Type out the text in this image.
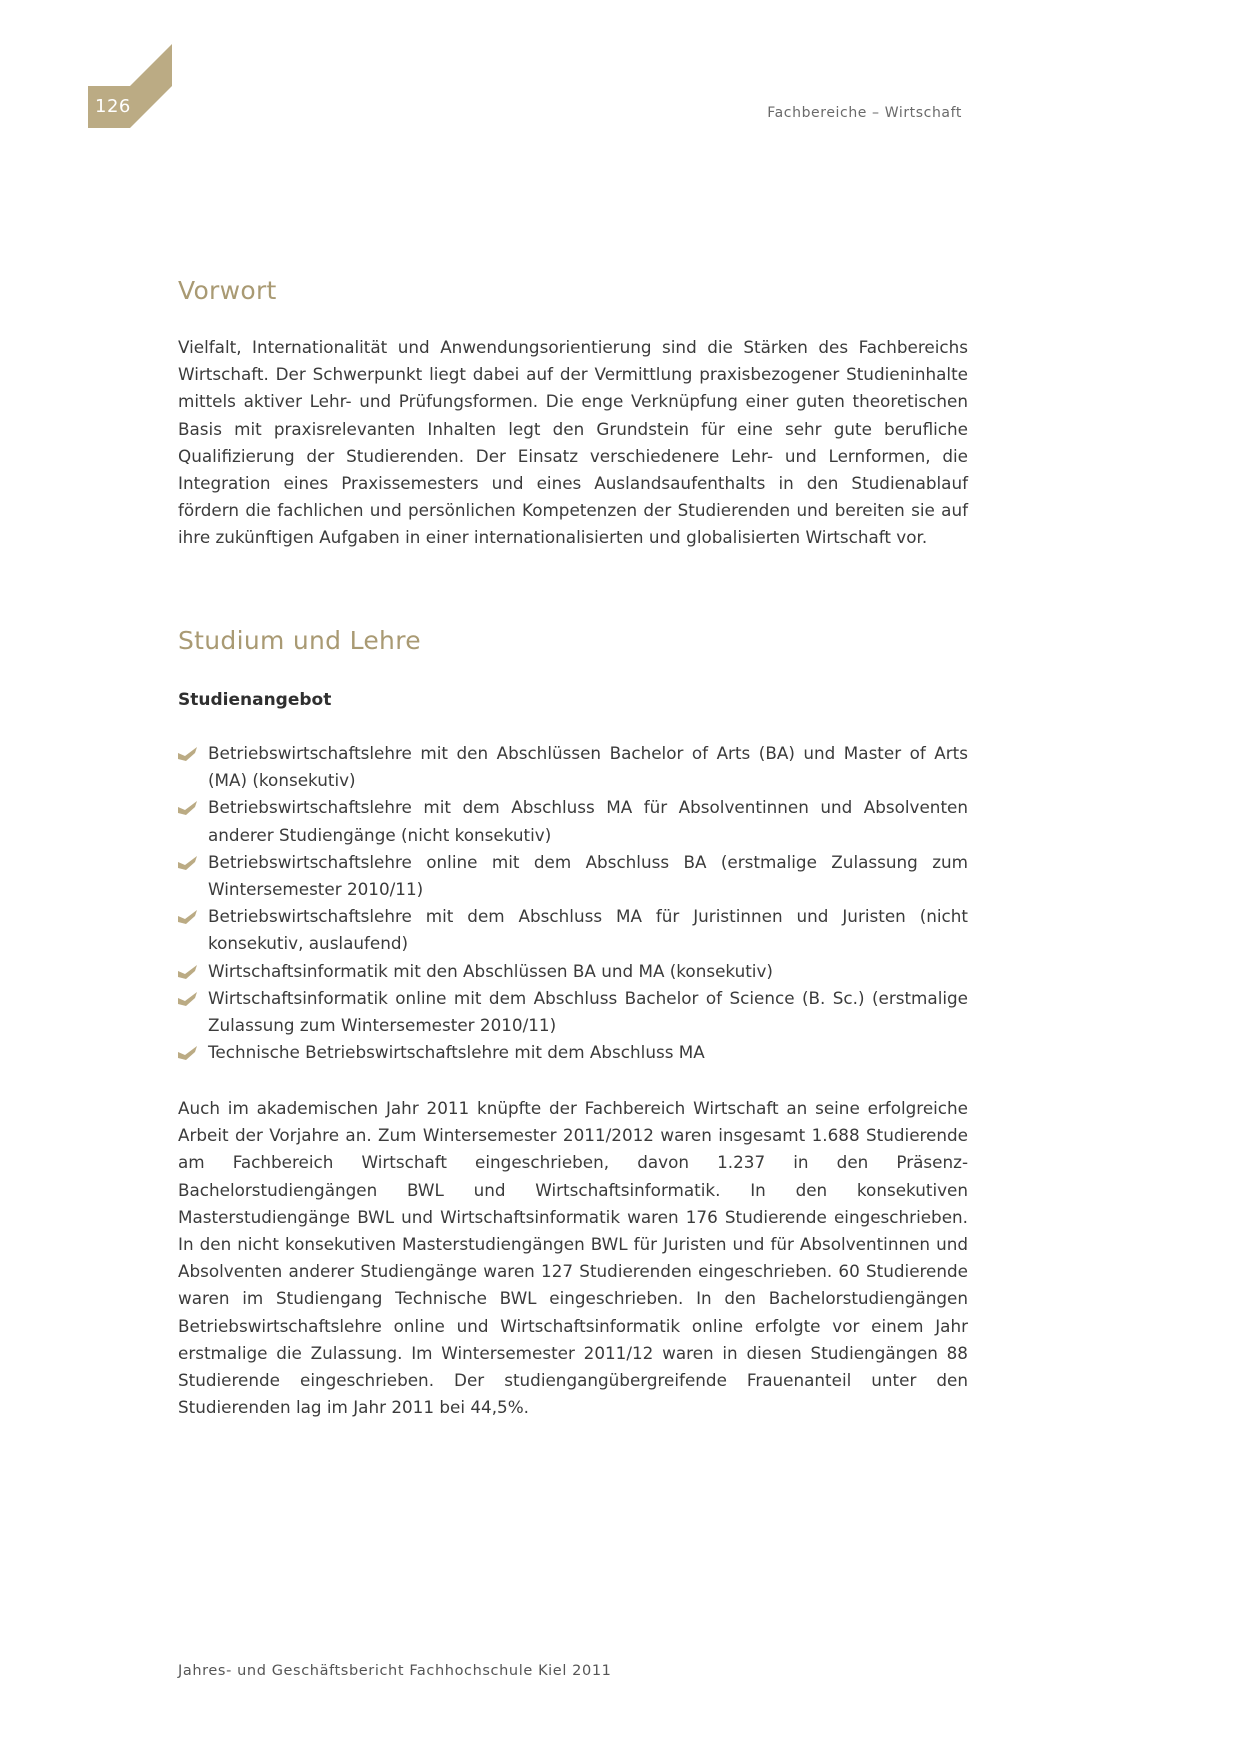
126	Fachbereiche – Wirtschaft
Vorwort

Vielfalt, Internationalität und Anwendungsorientierung sind die Stärken des Fachbereichs Wirtschaft. Der Schwerpunkt liegt dabei auf der Vermittlung praxisbezogener Studieninhalte mittels aktiver Lehr- und Prüfungsformen. Die enge Verknüpfung einer guten theoretischen Basis mit praxisrelevanten Inhalten legt den Grundstein für eine sehr gute berufliche Qualifizierung der Studierenden. Der Einsatz verschiedenere Lehr- und Lernformen, die Integration eines Praxissemesters und eines Auslandsaufenthalts in den Studienablauf fördern die fachlichen und persönlichen Kompetenzen der Studierenden und bereiten sie auf ihre zukünftigen Aufgaben in einer internationalisierten und globalisierten Wirtschaft vor.

Studium und Lehre
Studienangebot
Betriebswirtschaftslehre mit den Abschlüssen Bachelor of Arts (BA) und Master of Arts (MA) (konsekutiv)
Betriebswirtschaftslehre mit dem Abschluss MA für Absolventinnen und Absolventen anderer Studiengänge (nicht konsekutiv)
Betriebswirtschaftslehre online mit dem Abschluss BA (erstmalige Zulassung zum Wintersemester 2010/11)
Betriebswirtschaftslehre mit dem Abschluss MA für Juristinnen und Juristen (nicht konsekutiv, auslaufend)
Wirtschaftsinformatik mit den Abschlüssen BA und MA (konsekutiv)
Wirtschaftsinformatik online mit dem Abschluss Bachelor of Science (B. Sc.) (erstmalige Zulassung zum Wintersemester 2010/11)
Technische Betriebswirtschaftslehre mit dem Abschluss MA

Auch im akademischen Jahr 2011 knüpfte der Fachbereich Wirtschaft an seine erfolgreiche Arbeit der Vorjahre an. Zum Wintersemester 2011/2012 waren insgesamt 1.688 Studierende am Fachbereich Wirtschaft eingeschrieben, davon 1.237 in den Präsenz-Bachelorstudiengängen BWL und Wirtschaftsinformatik. In den konsekutiven Masterstudiengänge BWL und Wirtschaftsinformatik waren 176 Studierende eingeschrieben. In den nicht konsekutiven Masterstudiengängen BWL für Juristen und für Absolventinnen und Absolventen anderer Studiengänge waren 127 Studierenden eingeschrieben. 60 Studierende waren im Studiengang Technische BWL eingeschrieben. In den Bachelorstudiengängen Betriebswirtschaftslehre online und Wirtschaftsinformatik online erfolgte vor einem Jahr erstmalige die Zulassung. Im Wintersemester 2011/12 waren in diesen Studiengängen 88 Studierende eingeschrieben. Der studiengangübergreifende Frauenanteil unter den Studierenden lag im Jahr 2011 bei 44,5%.

Jahres- und Geschäftsbericht Fachhochschule Kiel 2011
